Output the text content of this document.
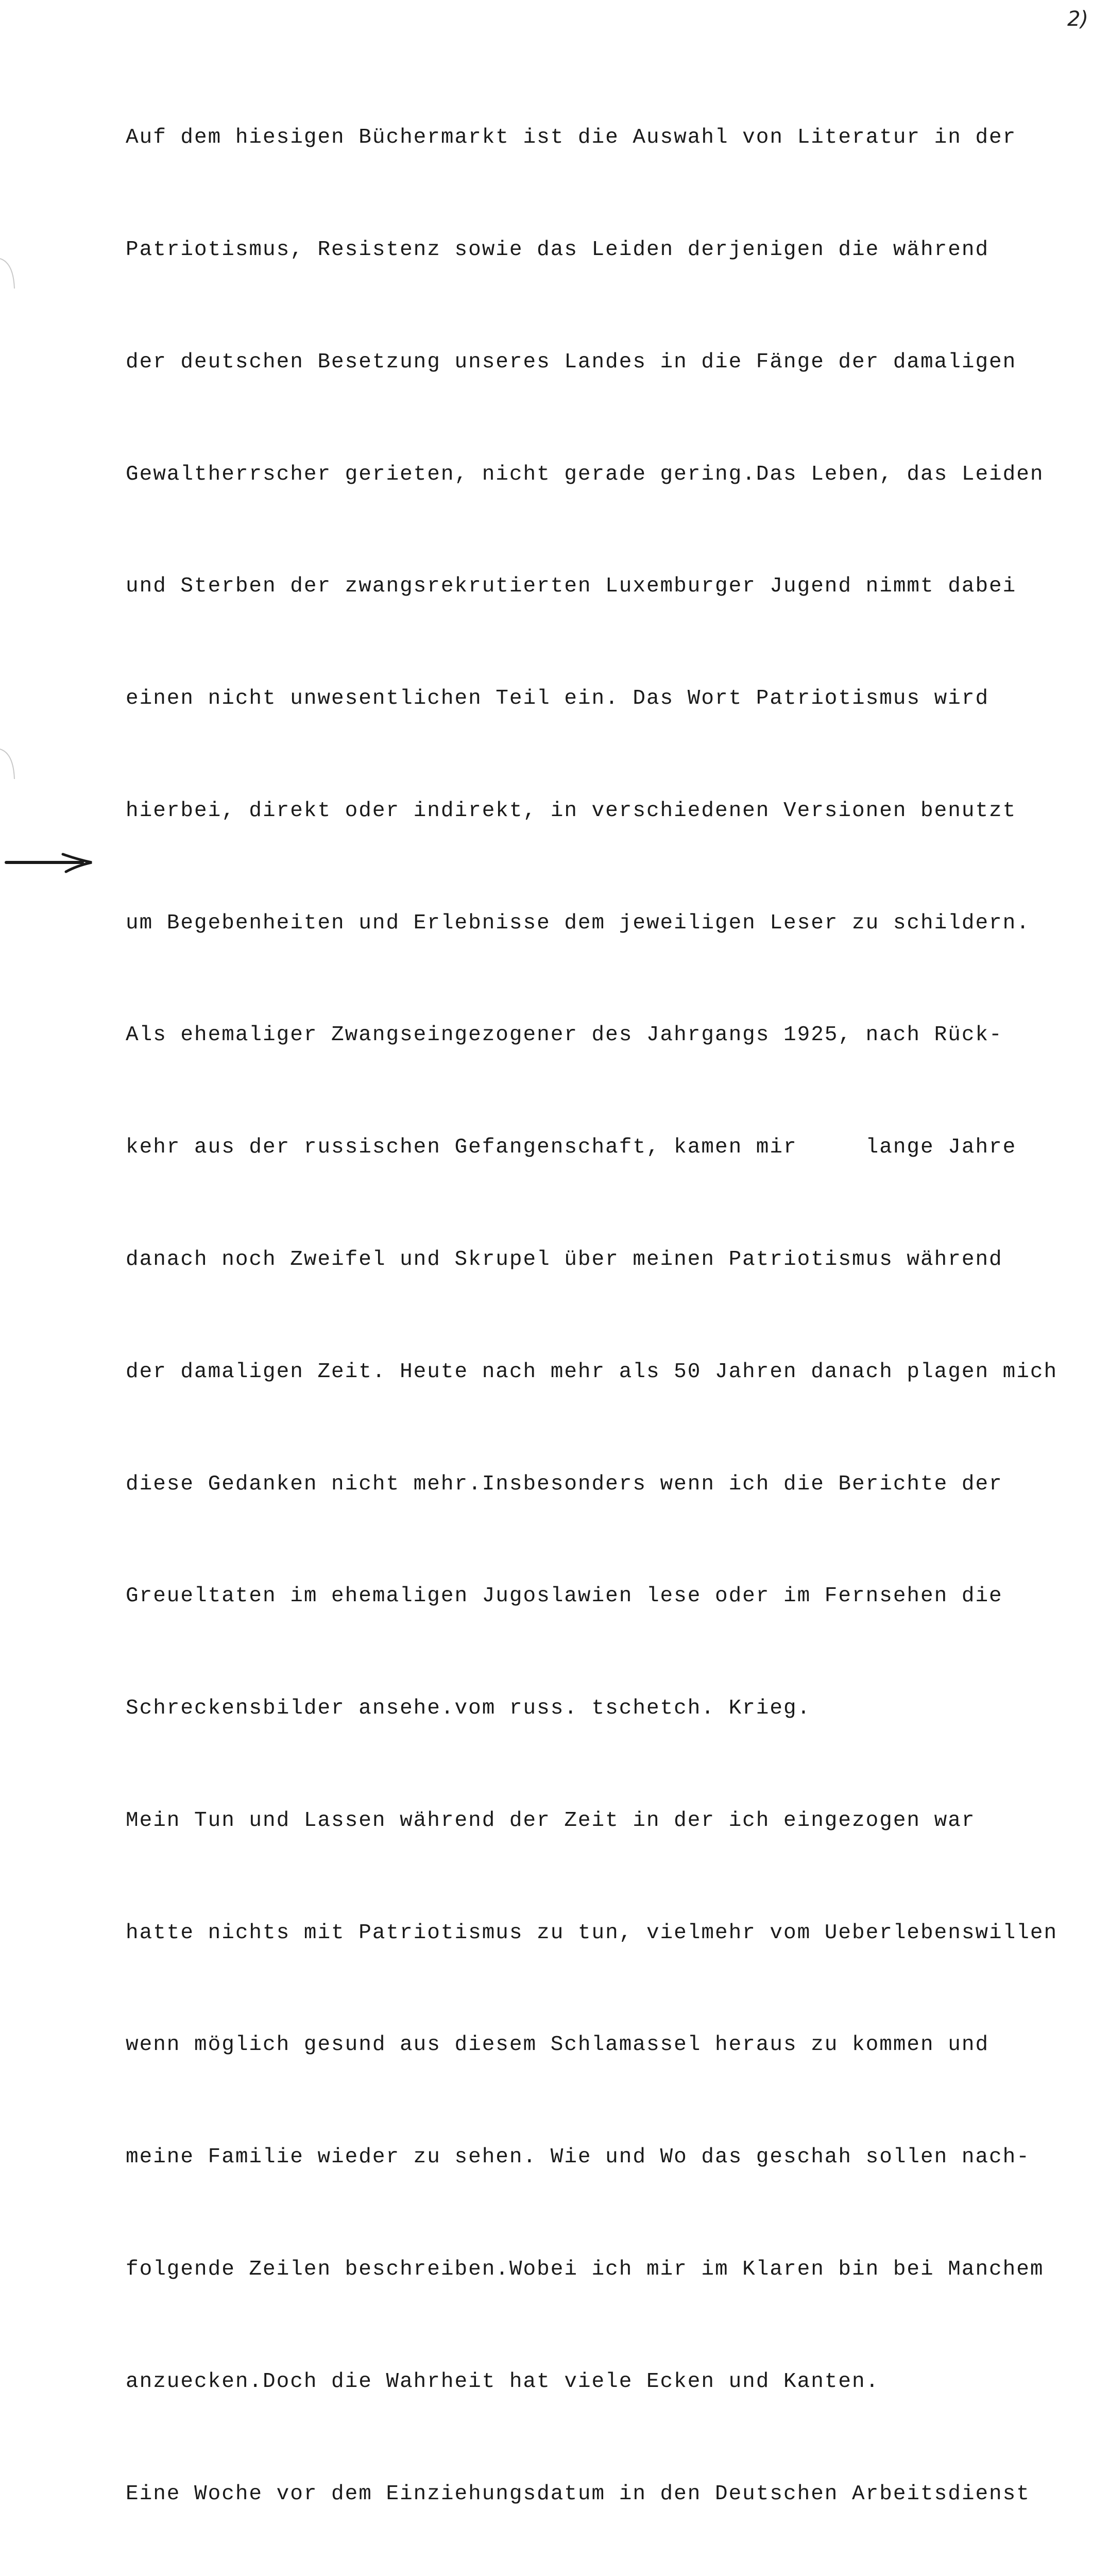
2)

Auf dem hiesigen Büchermarkt ist die Auswahl von Literatur in der

Patriotismus, Resistenz sowie das Leiden derjenigen die während

der deutschen Besetzung unseres Landes in die Fänge der damaligen

Gewaltherrscher gerieten, nicht gerade gering.Das Leben, das Leiden

und Sterben der zwangsrekrutierten Luxemburger Jugend nimmt dabei

einen nicht unwesentlichen Teil ein. Das Wort Patriotismus wird

hierbei, direkt oder indirekt, in verschiedenen Versionen benutzt

um Begebenheiten und Erlebnisse dem jeweiligen Leser zu schildern.

Als ehemaliger Zwangseingezogener des Jahrgangs 1925, nach Rück-

kehr aus der russischen Gefangenschaft, kamen mir     lange Jahre

danach noch Zweifel und Skrupel über meinen Patriotismus während

der damaligen Zeit. Heute nach mehr als 50 Jahren danach plagen mich

diese Gedanken nicht mehr.Insbesonders wenn ich die Berichte der

Greueltaten im ehemaligen Jugoslawien lese oder im Fernsehen die

Schreckensbilder ansehe.vom russ. tschetch. Krieg.

Mein Tun und Lassen während der Zeit in der ich eingezogen war

hatte nichts mit Patriotismus zu tun, vielmehr vom Ueberlebenswillen

wenn möglich gesund aus diesem Schlamassel heraus zu kommen und

meine Familie wieder zu sehen. Wie und Wo das geschah sollen nach-

folgende Zeilen beschreiben.Wobei ich mir im Klaren bin bei Manchem

anzuecken.Doch die Wahrheit hat viele Ecken und Kanten.

Eine Woche vor dem Einziehungsdatum in den Deutschen Arbeitsdienst
